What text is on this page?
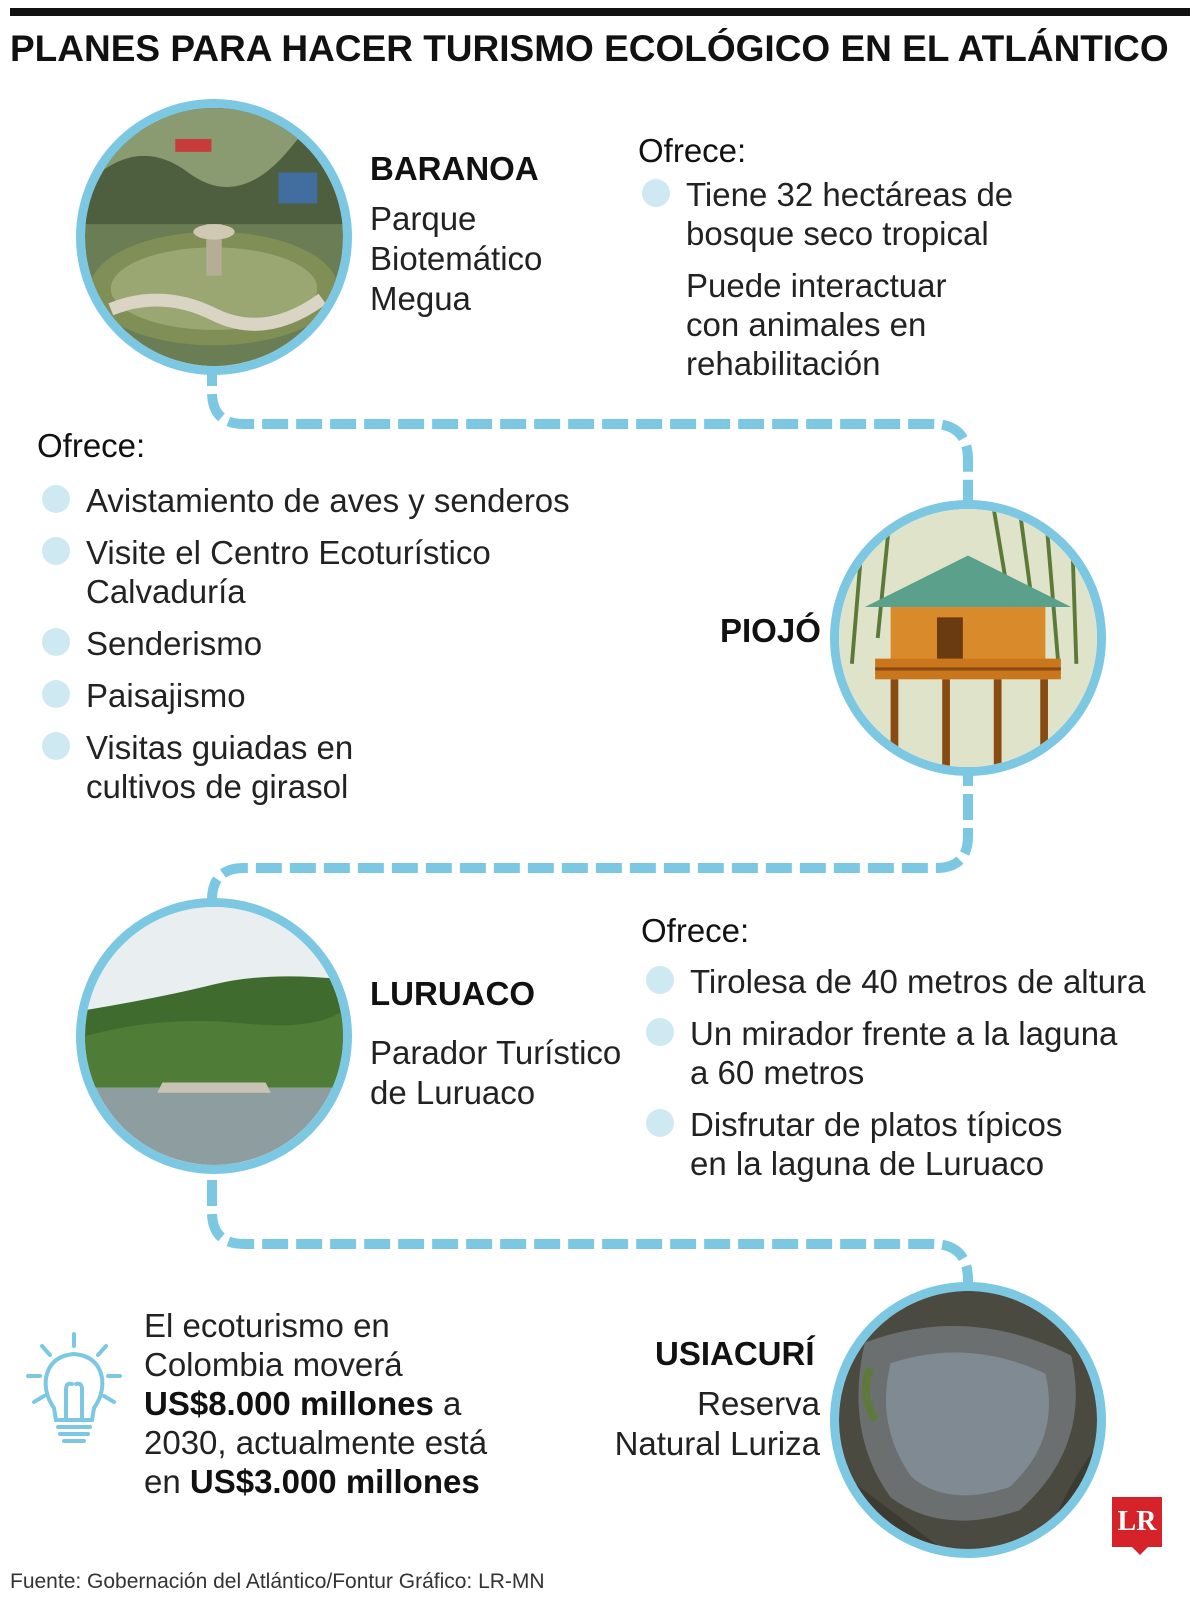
PLANES PARA HACER TURISMO ECOLÓGICO EN EL ATLÁNTICO
BARANOA
Parque
Biotemático
Megua
Ofrece:
Tiene 32 hectáreas de
bosque seco tropical
Puede interactuar
con animales en
rehabilitación
Ofrece:
Avistamiento de aves y senderos
Visite el Centro Ecoturístico
Calvaduría
Senderismo
Paisajismo
Visitas guiadas en
cultivos de girasol
PIOJÓ
LURUACO
Parador Turístico
de Luruaco
Ofrece:
Tirolesa de 40 metros de altura
Un mirador frente a la laguna
a 60 metros
Disfrutar de platos típicos
en la laguna de Luruaco
El ecoturismo en
Colombia moverá
US$8.000 millones a
2030, actualmente está
en US$3.000 millones
USIACURÍ
Reserva
Natural Luriza
Fuente: Gobernación del Atlántico/Fontur Gráfico: LR-MN
LR
